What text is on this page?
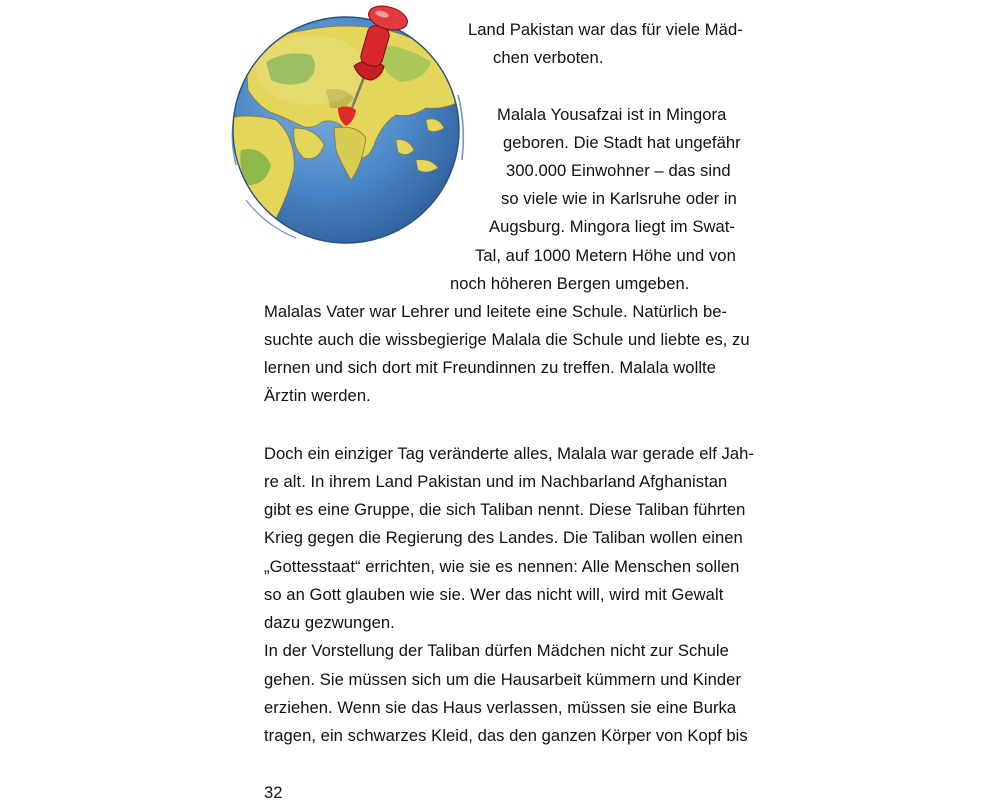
Land Pakistan war das für viele Mäd-
chen verboten.
Malala Yousafzai ist in Mingora
geboren. Die Stadt hat ungefähr
300.000 Einwohner – das sind
so viele wie in Karlsruhe oder in
Augsburg. Mingora liegt im Swat-
Tal, auf 1000 Metern Höhe und von
noch höheren Bergen umgeben.
Malalas Vater war Lehrer und leitete eine Schule. Natürlich be-
suchte auch die wissbegierige Malala die Schule und liebte es, zu
lernen und sich dort mit Freundinnen zu treffen. Malala wollte
Ärztin werden.
Doch ein einziger Tag veränderte alles, Malala war gerade elf Jah-
re alt. In ihrem Land Pakistan und im Nachbarland Afghanistan
gibt es eine Gruppe, die sich Taliban nennt. Diese Taliban führten
Krieg gegen die Regierung des Landes. Die Taliban wollen einen
„Gottesstaat“ errichten, wie sie es nennen: Alle Menschen sollen
so an Gott glauben wie sie. Wer das nicht will, wird mit Gewalt
dazu gezwungen.
In der Vorstellung der Taliban dürfen Mädchen nicht zur Schule
gehen. Sie müssen sich um die Hausarbeit kümmern und Kinder
erziehen. Wenn sie das Haus verlassen, müssen sie eine Burka
tragen, ein schwarzes Kleid, das den ganzen Körper von Kopf bis
32
